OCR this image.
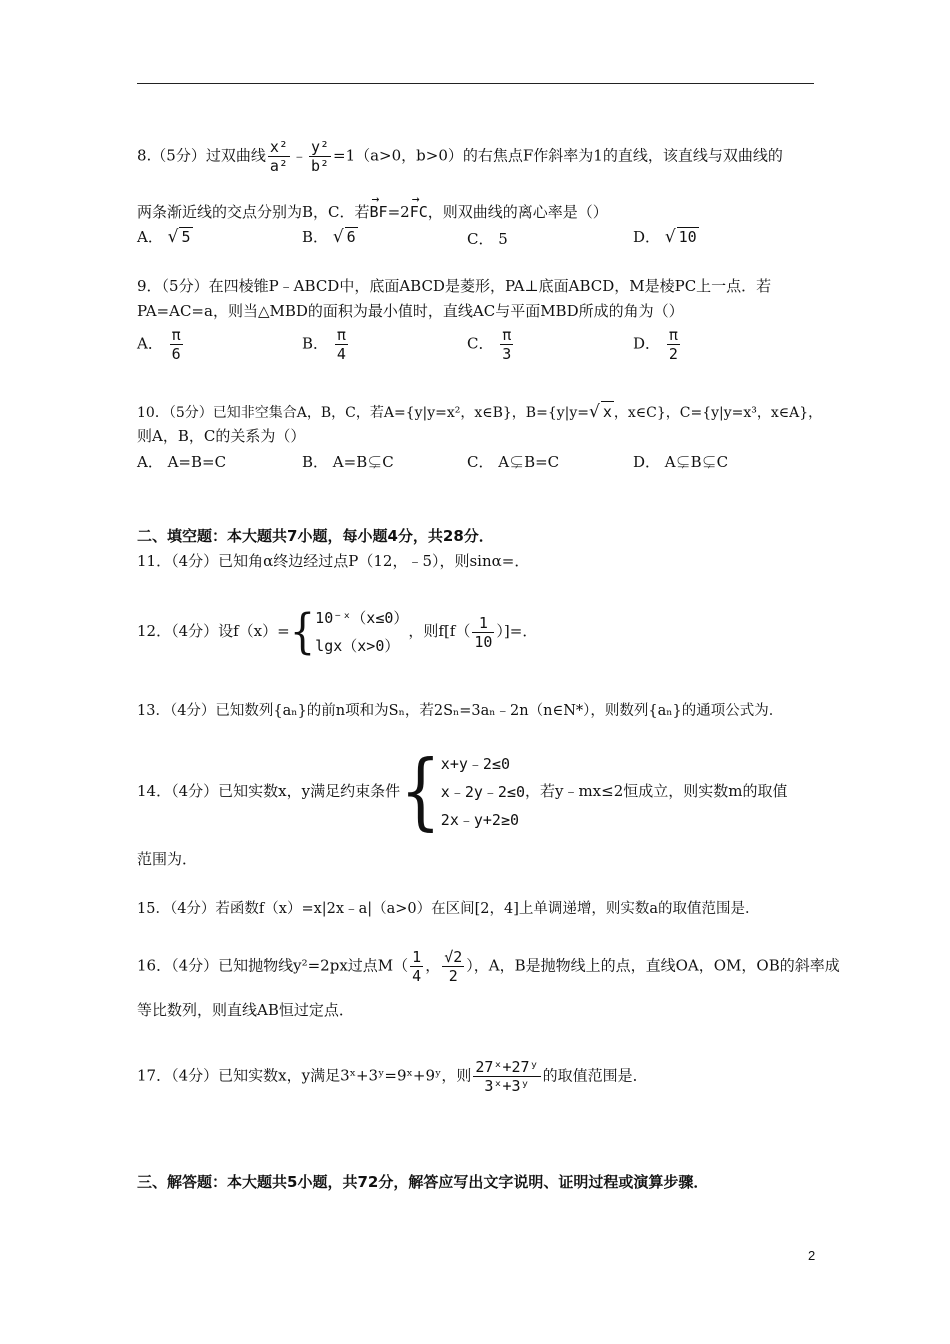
8.（5分）过双曲线 $\frac{\text{x²}}{\text{a²}}$ ﹣ $\frac{\text{y²}}{\text{b²}} =1(a>0$，b>0）的右焦点F作斜率为1的直线，该直线与双曲线的
两条渐近线的交点分别为B，C．若→ BF=2→ FC，则双曲线的离心率是（）
A． √ 5	B． √ 6	C． 5	D． √ 10
9．（5分）在四棱锥P﹣ABCD中，底面ABCD是菱形，PA⊥底面ABCD，M是棱PC上一点．若
PA=AC=a，则当△MBD的面积为最小值时，直线AC与平面MBD所成的角为（）
A． $\frac{\pi}{6}$	B． $\frac{\pi}{4}$	C． $\frac{\pi}{3}$	D． $\frac{\pi}{2}$
10．（5分）已知非空集合A，B，C，若A={y|y=x²，x∈B}，B={y|y=√ x ，x∈C}，C={y|y=x³，x∈A}，
则A，B，C的关系为（）
A． A=B=C	B． A=B⊊C	C． A⊊B=C	D． A⊊B⊊C
二、填空题：本大题共7小题，每小题4分，共28分．
11．（4分）已知角α终边经过点P（12，﹣5），则sinα=．
12．（4分）设f（x）={ 10⁻ˣ（x≤0）
lgx（x>0）
，则$f[f( \frac{1}{10}$ ）]=．
13．（4分）已知数列{aₙ}的前n项和为Sₙ，若2Sₙ=3aₙ﹣2n（n∈N*），则数列{aₙ}的通项公式为．
14．（4分）已知实数x，y满足约束条件{ x+y﹣2≤0
x﹣2y﹣2≤0
2x﹣y+2≥0
，若y﹣mx≤2恒成立，则实数m的取值
范围为．
15．（4分）若函数f（x）=x|2x﹣a|（a>0）在区间[2，4]上单调递增，则实数a的取值范围是．
16．（4分）已知抛物线y²=2px过点$M( \frac{1}{4}$ ， $\frac{√2}{2}$ ），A，B是抛物线上的点，直线OA，OM，OB的斜率成
等比数列，则直线AB恒过定点．
17．（4分）已知实数x，y满足3ˣ+3ʸ=9ˣ+9ʸ，则 $\frac{\text{27ˣ+27ʸ}}{\text{3ˣ+3ʸ}}$ 的取值范围是．
三、解答题：本大题共5小题，共72分，解答应写出文字说明、证明过程或演算步骤．
2
